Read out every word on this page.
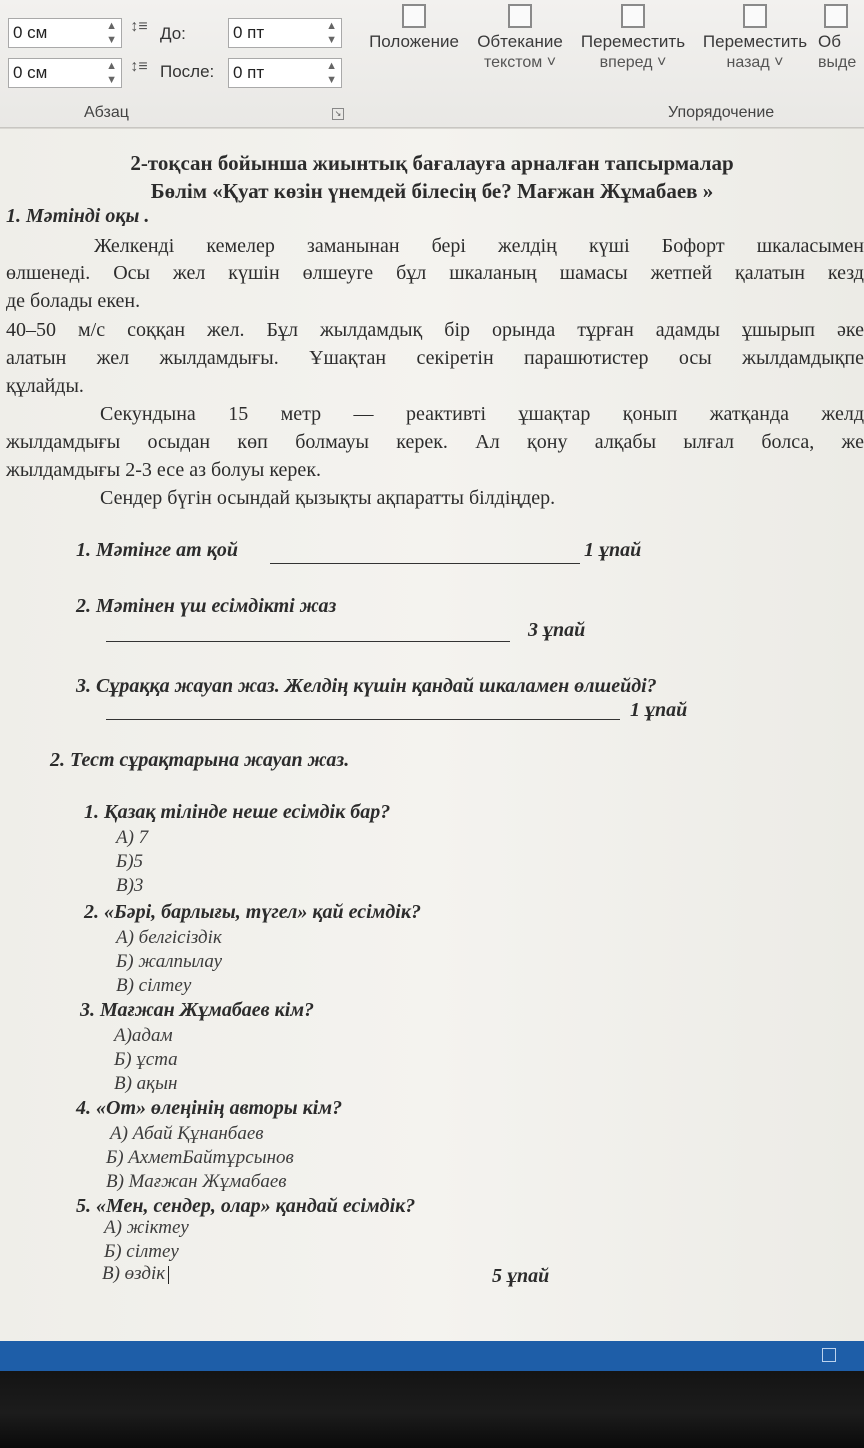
0 см	▲
▼
0 см	▲
▼
↕≡ До:	0 пт	▲
▼
↕≡ После: 0 пт	▲
▼
Абзац	↘
Положение	Обтекание
текстом ˅
Переместить
вперед ˅
Переместить
назад ˅
Об
выде
Упорядочение
2-тоқсан бойынша жиынтық бағалауға арналған тапсырмалар
Бөлім «Қуат көзін үнемдей білесің бе? Мағжан Жұмабаев »
1. Мәтінді оқы .
Желкенді кемелер заманынан бері желдің күші Бофорт шкаласымен
өлшенеді. Осы жел күшін өлшеуге бұл шкаланың шамасы жетпей қалатын кезд
де болады екен.
40–50 м/с соққан жел. Бұл жылдамдық бір орында тұрған адамды ұшырып әке
алатын жел жылдамдығы. Ұшақтан секіретін парашютистер осы жылдамдықпе
құлайды.
Секундына 15 метр — реактивті ұшақтар қонып жатқанда желд
жылдамдығы осыдан көп болмауы керек. Ал қону алқабы ылғал болса, же
жылдамдығы 2-3 есе аз болуы керек.
Сендер бүгін осындай қызықты ақпаратты білдіңдер.
1. Мәтінге ат қой	1 ұпай
2. Мәтінен үш есімдікті жаз
3 ұпай
3. Сұраққа жауап жаз. Желдің күшін қандай шкаламен өлшейді?
1 ұпай
2. Тест сұрақтарына жауап жаз.
1. Қазақ тілінде неше есімдік бар?
А) 7
Б)5
В)3
2. «Бәрі, барлығы, түгел» қай есімдік?
А) белгісіздік
Б) жалпылау
В) сілтеу
3. Мағжан Жұмабаев кім?
А)адам
Б) ұста
В) ақын
4. «От» өлеңінің авторы кім?
А) Абай Құнанбаев
Б) АхметБайтұрсынов
В) Мағжан Жұмабаев
5. «Мен, сендер, олар» қандай есімдік?
А) жіктеу
Б) сілтеу
В) өздік	5 ұпай
